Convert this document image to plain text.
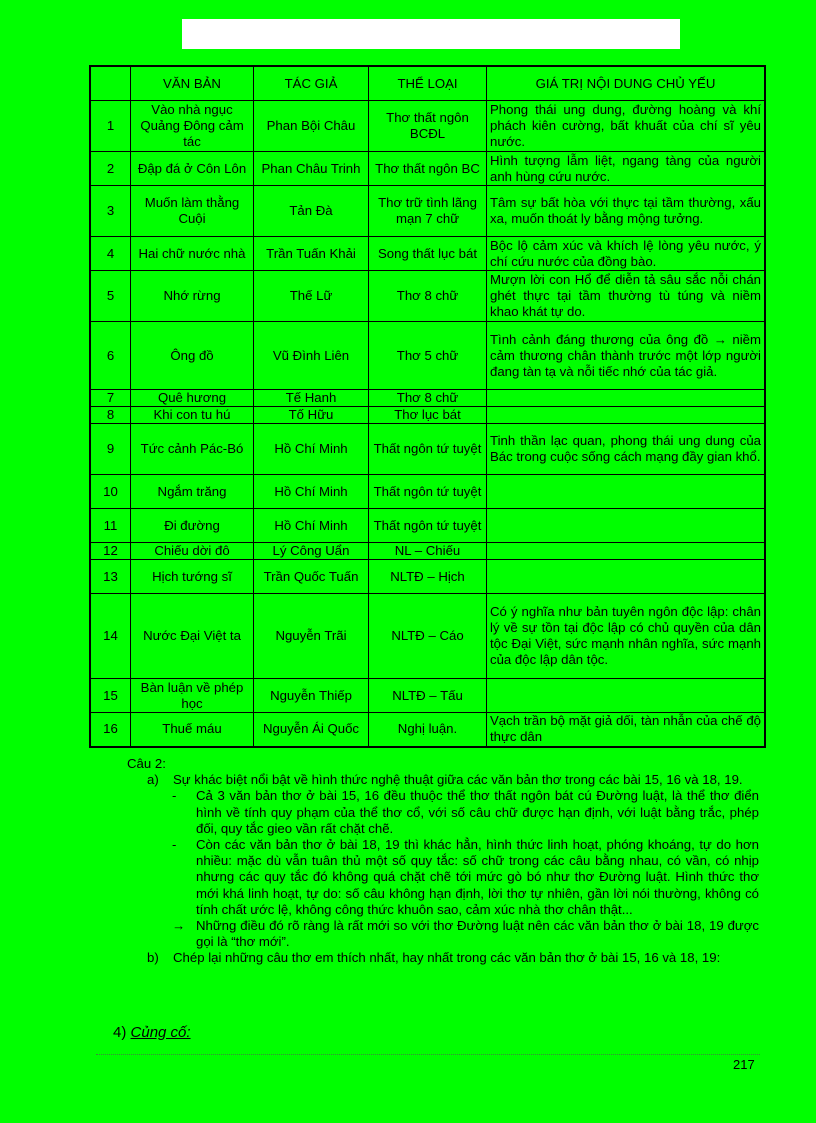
	VĂN BẢN	TÁC GIẢ	THỂ LOẠI	GIÁ TRỊ NỘI DUNG CHỦ YẾU
1	Vào nhà ngục Quảng Đông cảm tác	Phan Bội Châu	Thơ thất ngôn BCĐL	Phong thái ung dung, đường hoàng và khí phách kiên cường, bất khuất của chí sĩ yêu nước.
2	Đập đá ở Côn Lôn	Phan Châu Trinh	Thơ thất ngôn BC	Hình tượng lẫm liệt, ngang tàng của người anh hùng cứu nước.
3	Muốn làm thằng Cuội	Tản Đà	Thơ trữ tình lãng mạn 7 chữ	Tâm sự bất hòa với thực tại tầm thường, xấu xa, muốn thoát ly bằng mộng tưởng.
4	Hai chữ nước nhà	Trần Tuấn Khải	Song thất lục bát	Bộc lộ cảm xúc và khích lệ lòng yêu nước, ý chí cứu nước của đồng bào.
5	Nhớ rừng	Thế Lữ	Thơ 8 chữ	Mượn lời con Hổ để diễn tả sâu sắc nỗi chán ghét thực tại tầm thường tù túng và niềm khao khát tự do.
6	Ông đồ	Vũ Đình Liên	Thơ 5 chữ	Tình cảnh đáng thương của ông đồ → niềm cảm thương chân thành trước một lớp người đang tàn tạ và nỗi tiếc nhớ của tác giả.
7	Quê hương	Tế Hanh	Thơ 8 chữ	
8	Khi con tu hú	Tố Hữu	Thơ lục bát	
9	Tức cảnh Pác-Bó	Hồ Chí Minh	Thất ngôn tứ tuyệt	Tinh thần lạc quan, phong thái ung dung của Bác trong cuộc sống cách mạng đầy gian khổ.
10	Ngắm trăng	Hồ Chí Minh	Thất ngôn tứ tuyệt	
11	Đi đường	Hồ Chí Minh	Thất ngôn tứ tuyệt	
12	Chiếu dời đô	Lý Công Uẩn	NL – Chiếu	
13	Hịch tướng sĩ	Trần Quốc Tuấn	NLTĐ – Hịch	
14	Nước Đại Việt ta	Nguyễn Trãi	NLTĐ – Cáo	Có ý nghĩa như bản tuyên ngôn độc lập: chân lý về sự tồn tại độc lập có chủ quyền của dân tộc Đại Việt, sức mạnh nhân nghĩa, sức mạnh của độc lập dân tộc.
15	Bàn luận về phép học	Nguyễn Thiếp	NLTĐ – Tấu	
16	Thuế máu	Nguyễn Ái Quốc	Nghị luận.	Vạch trần bộ mặt giả dối, tàn nhẫn của chế độ thực dân

Câu 2:

a) Sự khác biệt nổi bật về hình thức nghệ thuật giữa các văn bản thơ trong các bài 15, 16 và 18, 19.

- Cả 3 văn bản thơ ở bài 15, 16 đều thuộc thể thơ thất ngôn bát cú Đường luật, là thể thơ điển hình về tính quy phạm của thể thơ cổ, với số câu chữ được hạn định, với luật bằng trắc, phép đối, quy tắc gieo vần rất chặt chẽ.

- Còn các văn bản thơ ở bài 18, 19 thì khác hẳn, hình thức linh hoạt, phóng khoáng, tự do hơn nhiều: mặc dù vẫn tuân thủ một số quy tắc: số chữ trong các câu bằng nhau, có vần, có nhịp nhưng các quy tắc đó không quá chặt chẽ tới mức gò bó như thơ Đường luật. Hình thức thơ mới khá linh hoạt, tự do: số câu không hạn định, lời thơ tự nhiên, gần lời nói thường, không có tính chất ước lệ, không công thức khuôn sao, cảm xúc nhà thơ chân thật...

→ Những điều đó rõ ràng là rất mới so với thơ Đường luật nên các văn bản thơ ở bài 18, 19 được gọi là “thơ mới”.

b) Chép lại những câu thơ em thích nhất, hay nhất trong các văn bản thơ ở bài 15, 16 và 18, 19:

4) Củng cố:
217
